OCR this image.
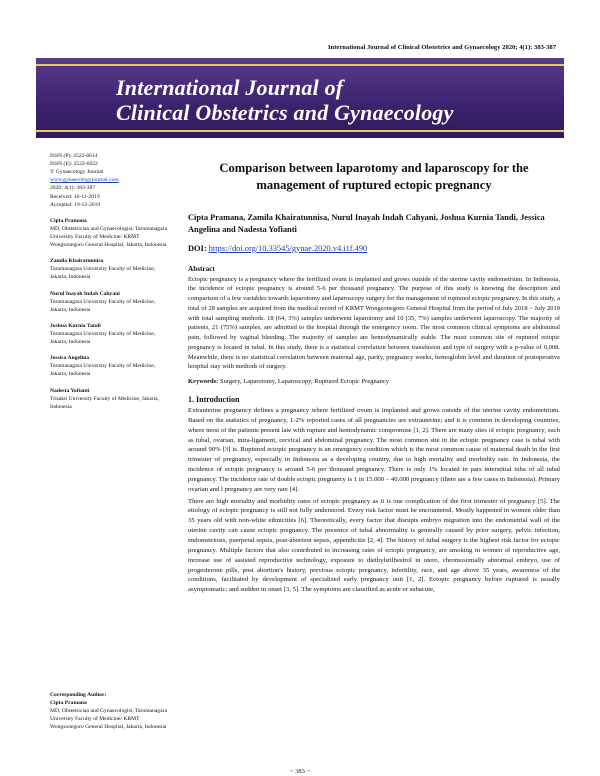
International Journal of Clinical Obstetrics and Gynaecology 2020; 4(1): 383-387
International Journal of
Clinical Obstetrics and Gynaecology
ISSN (P): 2522-6614
ISSN (E): 2522-6622
© Gynaecology Journal
www.gynaecologyjournal.com
2020; 4(1): 383-387
Received: 16-11-2019
Accepted: 19-12-2019
Cipta Pramana
MD, Obstetrician and Gynaecologist, Tarumanagara University Faculty of Medicine/ KRMT Wongsonegoro General Hospital, Jakarta, Indonesia
Zamila Khairatunnisa
Tarumanagara University Faculty of Medicine, Jakarta, Indonesia
Nurul Inayah Indah Cahyani
Tarumanagara University Faculty of Medicine, Jakarta, Indonesia
Joshua Kurnia Tandi
Tarumanagara University Faculty of Medicine, Jakarta, Indonesia
Jessica Angelina
Tarumanagara University Faculty of Medicine, Jakarta, Indonesia
Nadesta Yofianti
Trisakti University Faculty of Medicine, Jakarta, Indonesia
Corresponding Author:
Cipta Pramana
MD, Obstetrician and Gynaecologist, Tarumanagara University Faculty of Medicine/ KRMT Wongsonegoro General Hospital, Jakarta, Indonesia
Comparison between laparotomy and laparoscopy for the management of ruptured ectopic pregnancy
Cipta Pramana, Zamila Khairatunnisa, Nurul Inayah Indah Cahyani, Joshua Kurnia Tandi, Jessica Angelina and Nadesta Yofianti
DOI: https://doi.org/10.33545/gynae.2020.v4.i1f.490
Abstract
Ectopic pregnancy is a pregnancy where the fertilized ovum is implanted and grows outside of the uterine cavity endometrium. In Indonesia, the incidence of ectopic pregnancy is around 5-6 per thousand pregnancy. The purpose of this study is knowing the description and comparison of a few variables towards laparotomy and laparoscopy surgery for the management of ruptured ectopic pregnancy. In this study, a total of 28 samples are acquired from the medical record of KRMT Wongsonegoro General Hospital from the period of July 2018 – July 2019 with total sampling methods. 18 (64, 3%) samples underwent laparotomy and 10 (35, 7%) samples underwent laparoscopy. The majority of patients, 21 (75%) samples, are admitted to the hospital through the emergency room. The most common clinical symptoms are abdominal pain, followed by vaginal bleeding. The majority of samples are hemodynamically stable. The most common site of ruptured ectopic pregnancy is located in tubal. In this study, there is a statistical correlation between transfusion and type of surgery with a p-value of 0,008. Meanwhile, there is no statistical correlation between maternal age, parity, pregnancy weeks, hemoglobin level and duration of postoperative hospital stay with methods of surgery.
Keywords: Surgery, Laparotomy, Laparoscopy, Ruptured Ectopic Pregnancy
1. Introduction
Extrauterine pregnancy defines a pregnancy where fertilized ovum is implanted and grows outside of the uterine cavity endometrium. Based on the statistics of pregnancy, 1-2% reported cases of all pregnancies are extrauterine; and it is common in developing countries, where most of the patients present late with rupture and hemodynamic compromise [1, 2]. There are many sites of ectopic pregnancy, such as tubal, ovarian, intra-ligament, cervical and abdominal pregnancy. The most common site in the ectopic pregnancy case is tubal with around 90% [3] is. Ruptured ectopic pregnancy is an emergency condition which is the most common cause of maternal death in the first trimester of pregnancy, especially in Indonesia as a developing country, due to high mortality and morbidity rate. In Indonesia, the incidence of ectopic pregnancy is around 5-6 per thousand pregnancy. There is only 1% located in pars interstitial tuba of all tubal pregnancy. The incidence rate of double ectopic pregnancy is 1 in 15.000 – 40.000 pregnancy (there are a few cases in Indonesia). Primary ovarian and l pregnancy are very rare [4].
There are high mortality and morbidity rates of ectopic pregnancy as it is one complication of the first trimester of pregnancy [5]. The etiology of ectopic pregnancy is still not fully understood. Every risk factor must be encountered. Mostly happened in women older than 35 years old with non-white ethnicities [6]. Theoretically, every factor that disrupts embryo migration into the endometrial wall of the uterine cavity can cause ectopic pregnancy. The presence of tubal abnormality is generally caused by prior surgery, pelvic infection, endometriosis, puerperal sepsis, post-abortion sepsis, appendicitis [2, 4]. The history of tubal surgery is the highest risk factor for ectopic pregnancy. Multiple factors that also contributed to increasing rates of ectopic pregnancy, are smoking in women of reproductive age, increase use of assisted reproductive technology, exposure to diethylstilbestrol in utero, chromosomally abnormal embryo, use of progesterone pills, post abortion's history, previous ectopic pregnancy, infertility, race, and age above 35 years, awareness of the conditions, facilitated by development of specialized early pregnancy unit [1, 2]. Ectopic pregnancy before ruptured is usually asymptomatic; and sudden in onset [3, 5]. The symptoms are classified as acute or subacute,
~ 383 ~
